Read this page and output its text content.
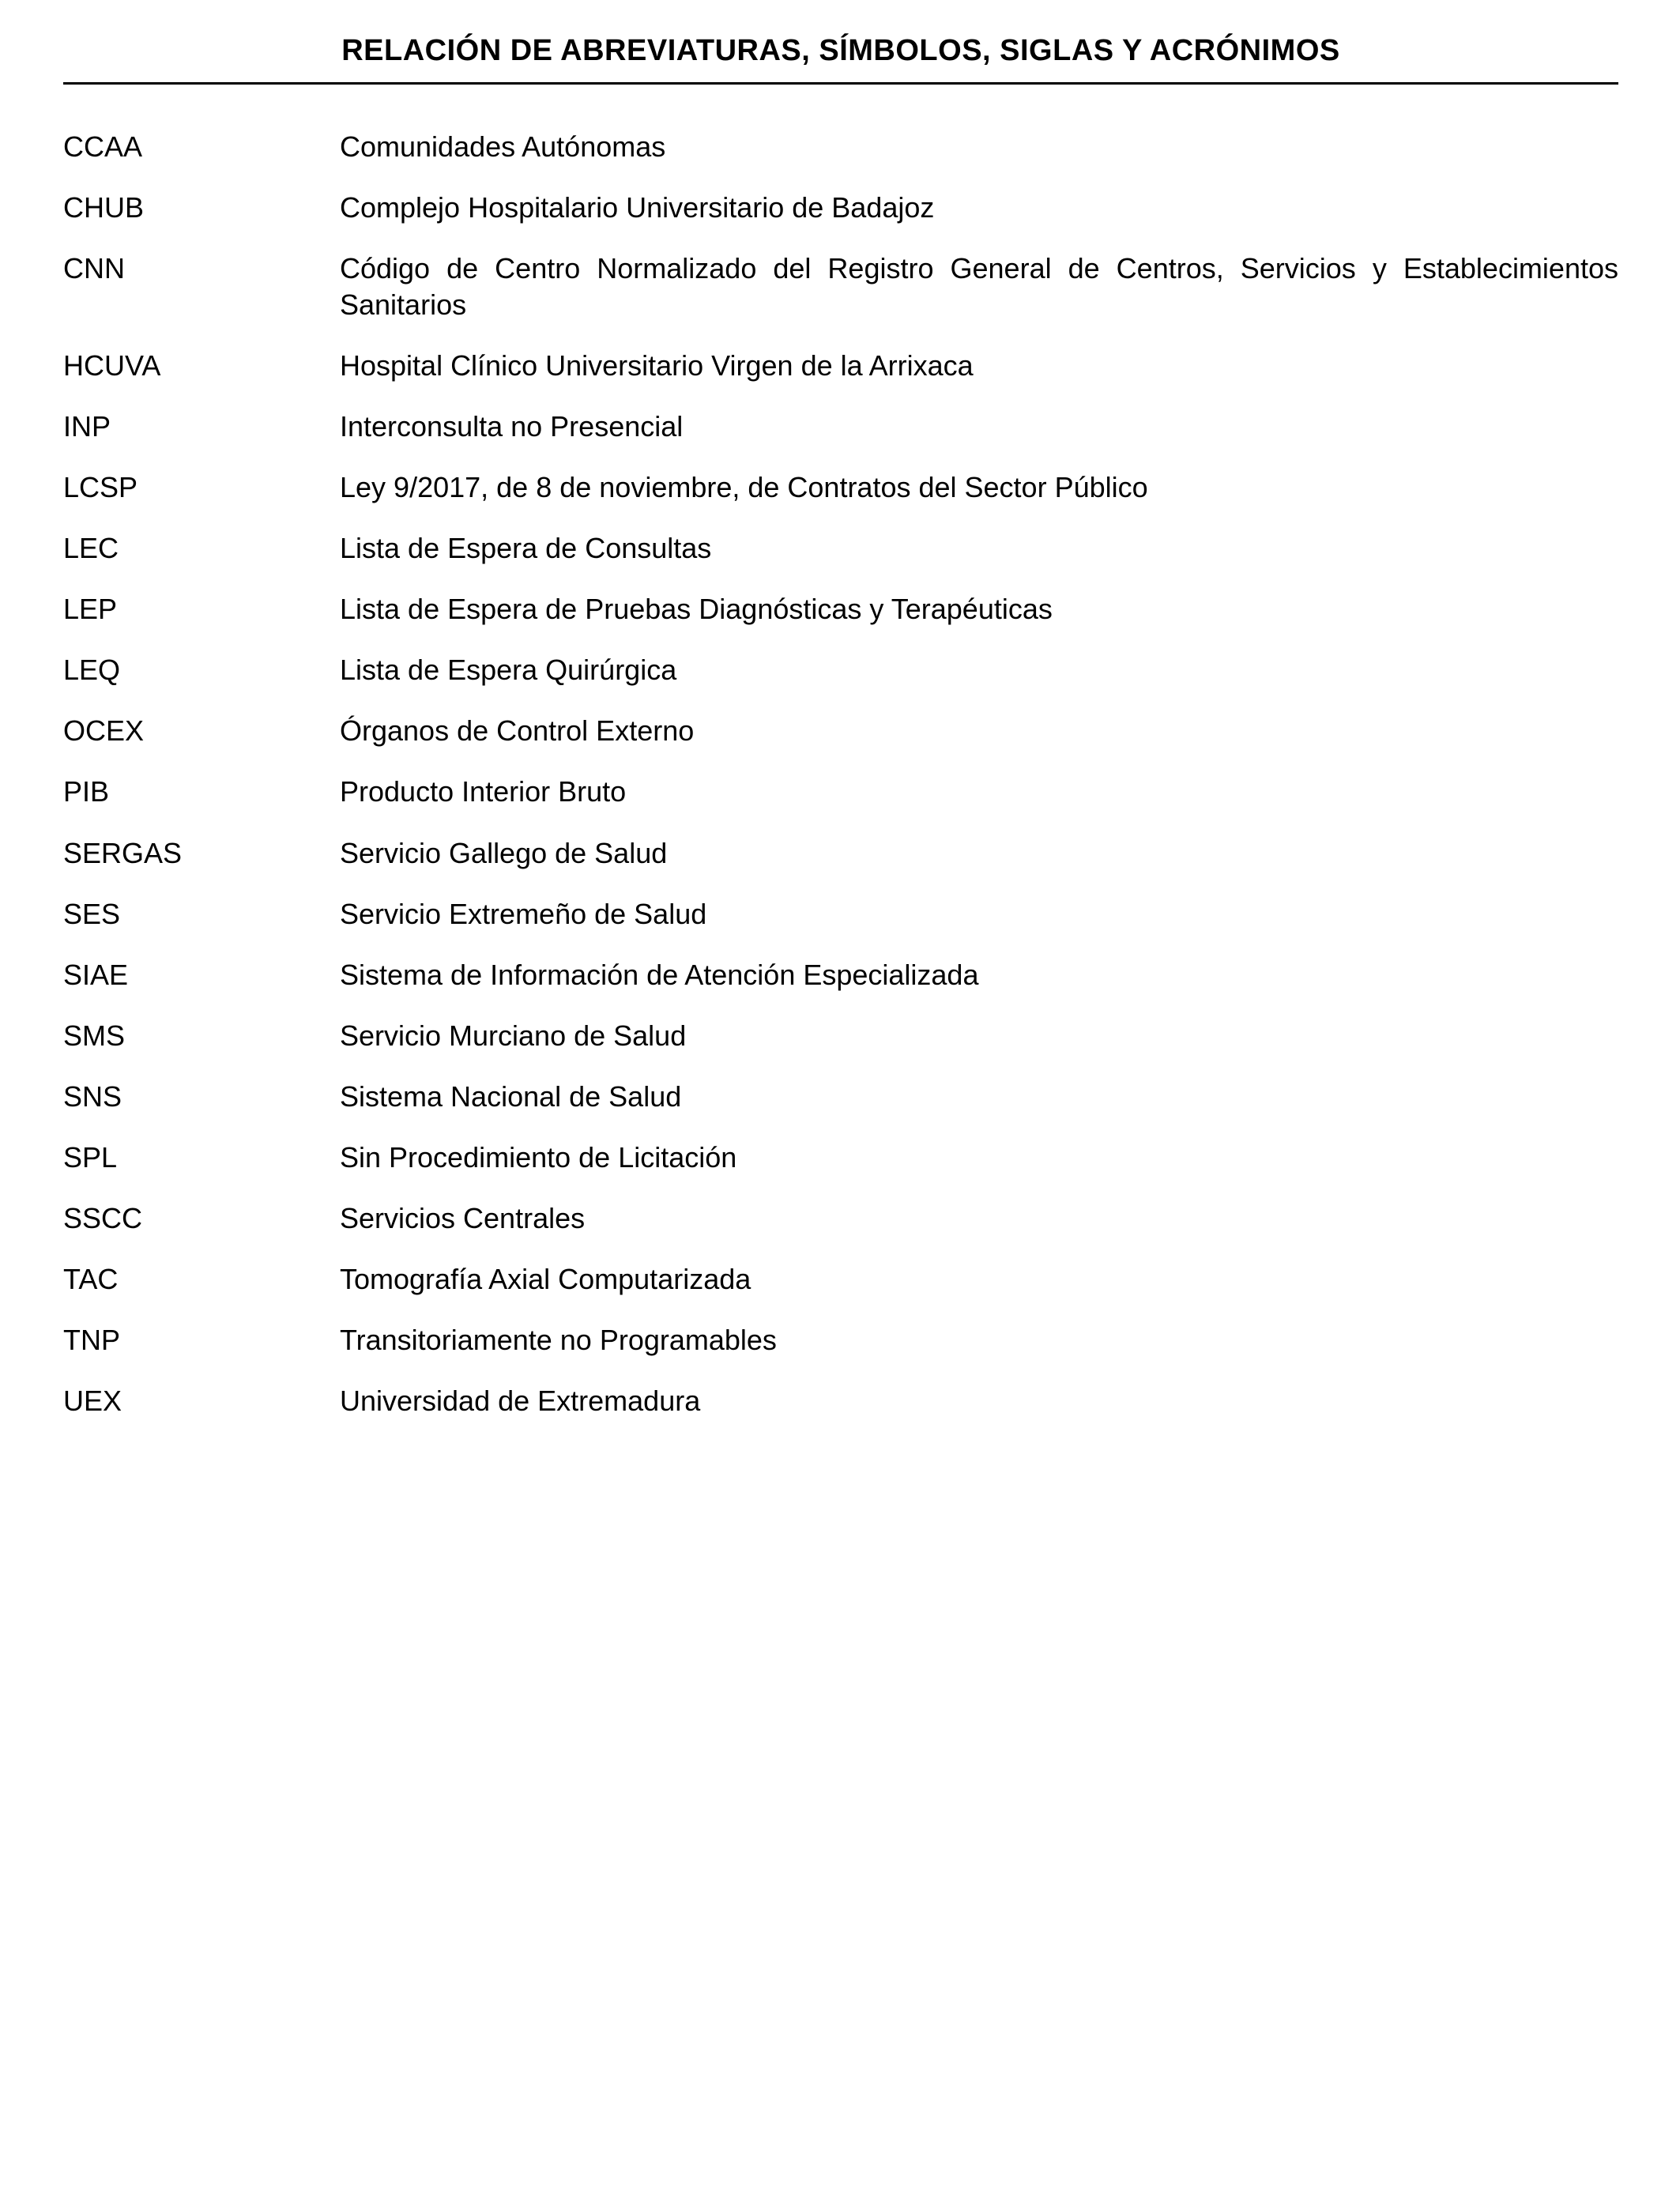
RELACIÓN DE ABREVIATURAS, SÍMBOLOS, SIGLAS Y ACRÓNIMOS
CCAA	Comunidades Autónomas
CHUB	Complejo Hospitalario Universitario de Badajoz
CNN	Código de Centro Normalizado del Registro General de Centros, Servicios y Establecimientos Sanitarios
HCUVA	Hospital Clínico Universitario Virgen de la Arrixaca
INP	Interconsulta no Presencial
LCSP	Ley 9/2017, de 8 de noviembre, de Contratos del Sector Público
LEC	Lista de Espera de Consultas
LEP	Lista de Espera de Pruebas Diagnósticas y Terapéuticas
LEQ	Lista de Espera Quirúrgica
OCEX	Órganos de Control Externo
PIB	Producto Interior Bruto
SERGAS	Servicio Gallego de Salud
SES	Servicio Extremeño de Salud
SIAE	Sistema de Información de Atención Especializada
SMS	Servicio Murciano de Salud
SNS	Sistema Nacional de Salud
SPL	Sin Procedimiento de Licitación
SSCC	Servicios Centrales
TAC	Tomografía Axial Computarizada
TNP	Transitoriamente no Programables
UEX	Universidad de Extremadura
